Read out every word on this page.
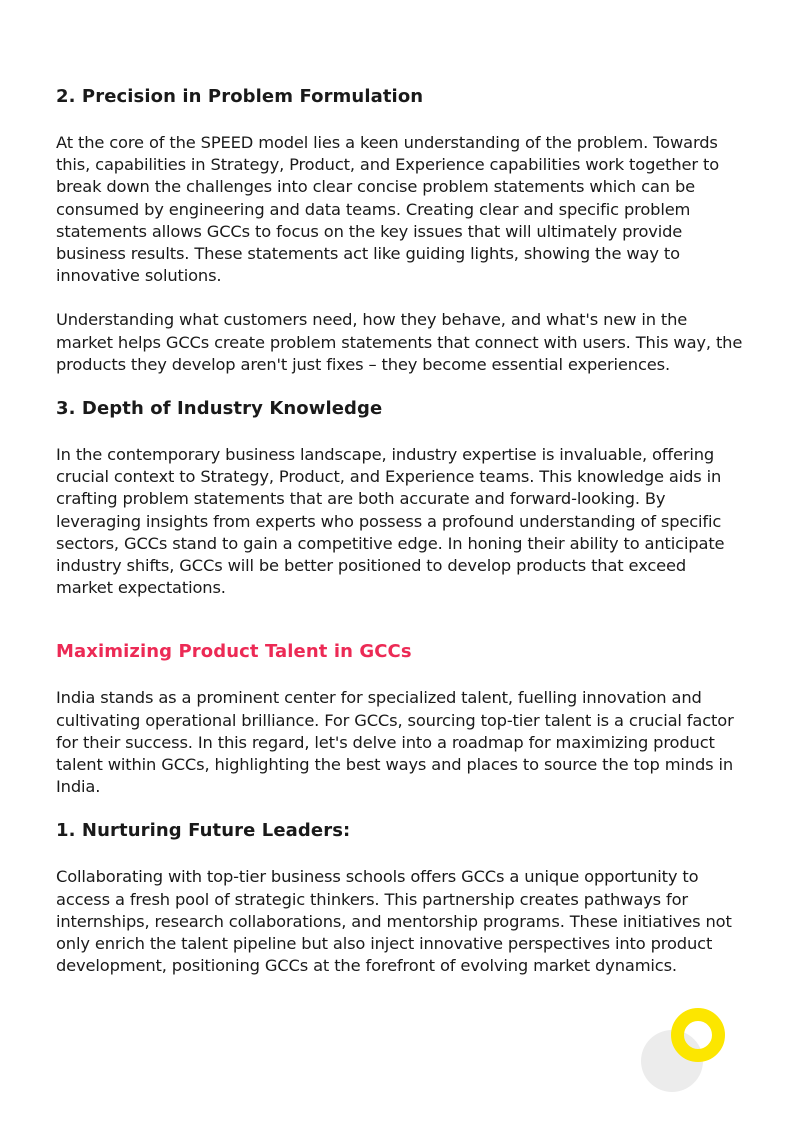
2. Precision in Problem Formulation

At the core of the SPEED model lies a keen understanding of the problem. Towards this, capabilities in Strategy, Product, and Experience capabilities work together to break down the challenges into clear concise problem statements which can be consumed by engineering and data teams. Creating clear and specific problem statements allows GCCs to focus on the key issues that will ultimately provide business results. These statements act like guiding lights, showing the way to innovative solutions.

Understanding what customers need, how they behave, and what's new in the market helps GCCs create problem statements that connect with users. This way, the products they develop aren't just fixes – they become essential experiences.

3. Depth of Industry Knowledge

In the contemporary business landscape, industry expertise is invaluable, offering crucial context to Strategy, Product, and Experience teams. This knowledge aids in crafting problem statements that are both accurate and forward-looking. By leveraging insights from experts who possess a profound understanding of specific sectors, GCCs stand to gain a competitive edge. In honing their ability to anticipate industry shifts, GCCs will be better positioned to develop products that exceed market expectations.

Maximizing Product Talent in GCCs

India stands as a prominent center for specialized talent, fuelling innovation and cultivating operational brilliance. For GCCs, sourcing top-tier talent is a crucial factor for their success. In this regard, let's delve into a roadmap for maximizing product talent within GCCs, highlighting the best ways and places to source the top minds in India.

1. Nurturing Future Leaders:

Collaborating with top-tier business schools offers GCCs a unique opportunity to access a fresh pool of strategic thinkers. This partnership creates pathways for internships, research collaborations, and mentorship programs. These initiatives not only enrich the talent pipeline but also inject innovative perspectives into product development, positioning GCCs at the forefront of evolving market dynamics.
